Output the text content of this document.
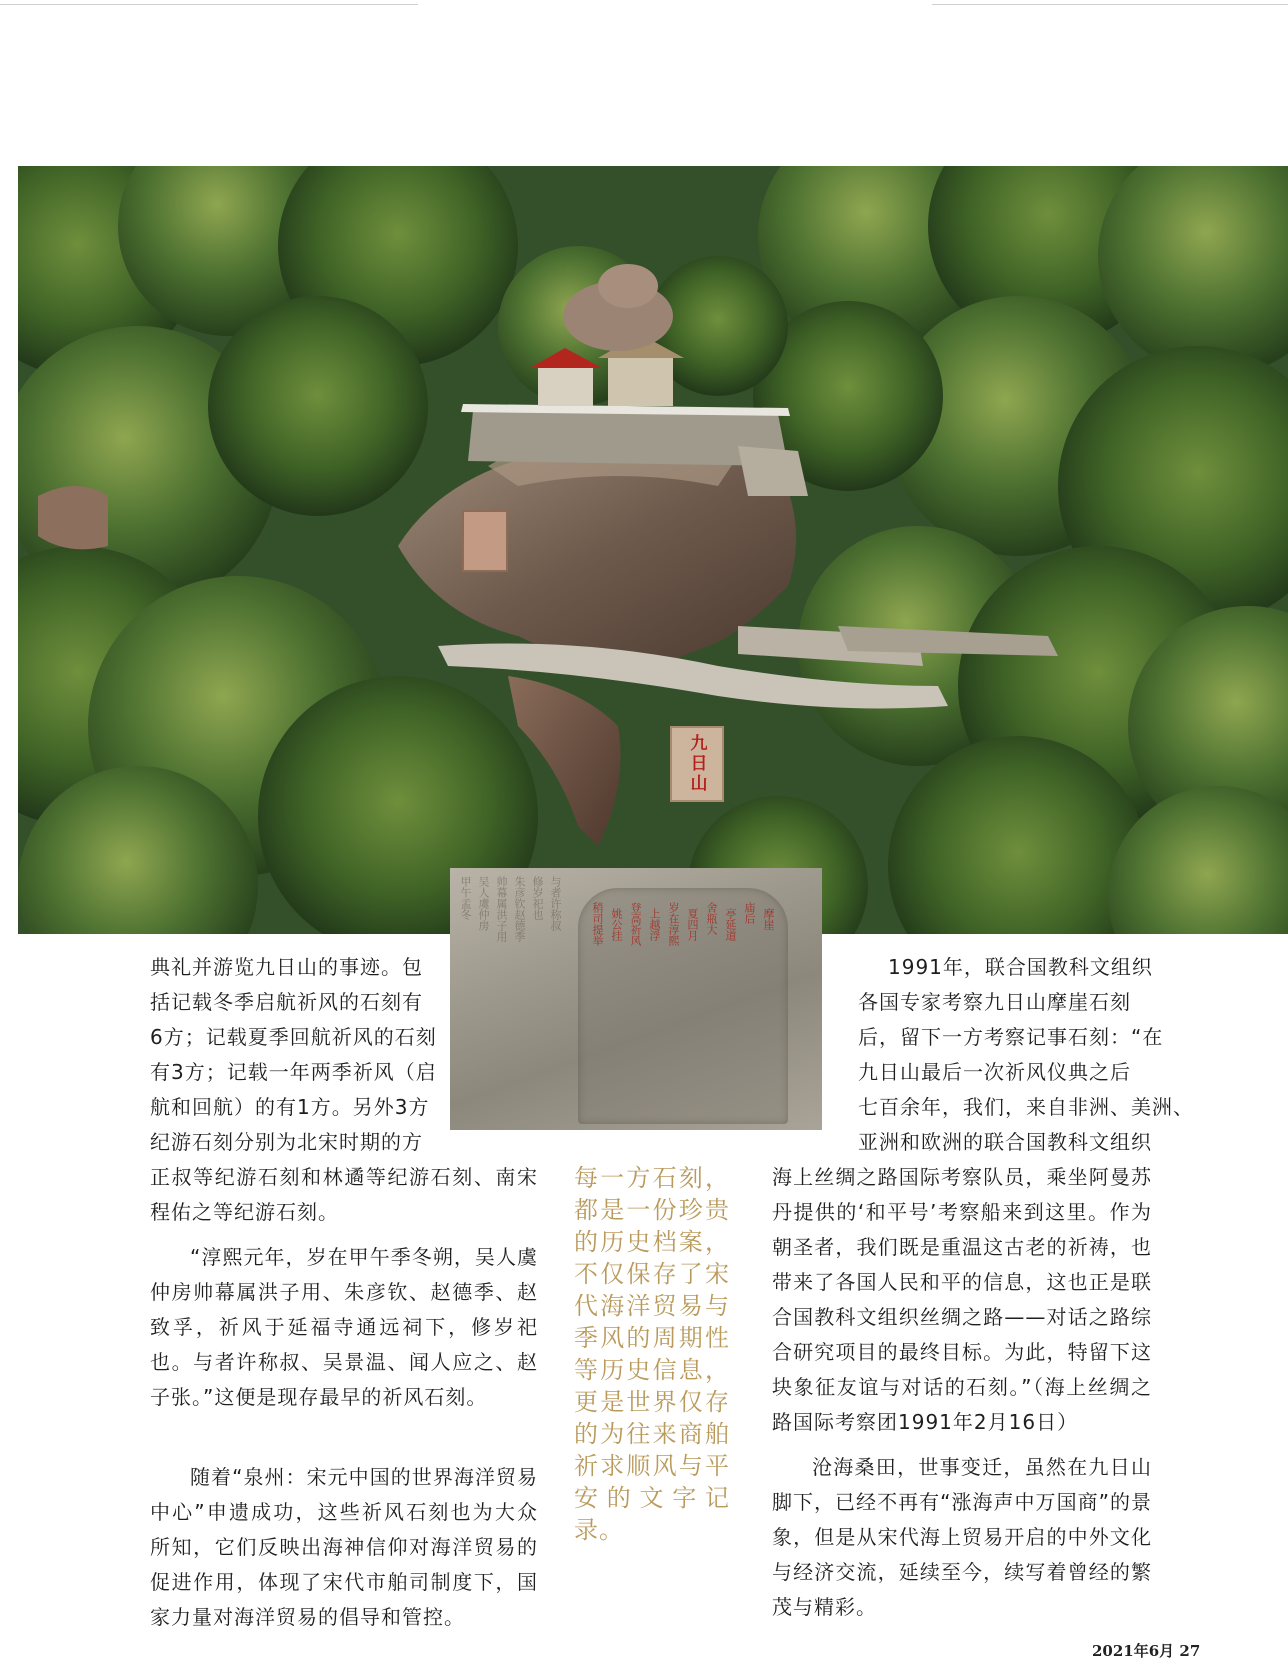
九日山
甲午孟冬 吴人虞仲房 帅幕属洪子用 朱彦钦赵德季 修岁祀也 与者许称叔	稍司提举 姚公挂 登高祈风 上越浮 岁在淳熙 夏四月 舍瓶大 亭延道 庙后 摩崖

典礼并游览九日山的事迹。包

括记载冬季启航祈风的石刻有

6方；记载夏季回航祈风的石刻

有3方；记载一年两季祈风（启

航和回航）的有1方。另外3方

纪游石刻分别为北宋时期的方

正叔等纪游石刻和林遹等纪游石刻、南宋程佑之等纪游石刻。

“淳熙元年，岁在甲午季冬朔，吴人虞仲房帅幕属洪子用、朱彦钦、赵德季、赵致孚，祈风于延福寺通远祠下，修岁祀也。与者许称叔、吴景温、闻人应之、赵子张。”这便是现存最早的祈风石刻。

随着“泉州：宋元中国的世界海洋贸易中心”申遗成功，这些祈风石刻也为大众所知，它们反映出海神信仰对海洋贸易的促进作用，体现了宋代市舶司制度下，国家力量对海洋贸易的倡导和管控。

每一方石刻，都是一份珍贵的历史档案，不仅保存了宋代海洋贸易与季风的周期性等历史信息，更是世界仅存的为往来商舶祈求顺风与平安的文字记录。

1991年，联合国教科文组织

各国专家考察九日山摩崖石刻

后，留下一方考察记事石刻：“在

九日山最后一次祈风仪典之后

七百余年，我们，来自非洲、美洲、

亚洲和欧洲的联合国教科文组织

海上丝绸之路国际考察队员，乘坐阿曼苏丹提供的‘和平号’考察船来到这里。作为朝圣者，我们既是重温这古老的祈祷，也带来了各国人民和平的信息，这也正是联合国教科文组织丝绸之路——对话之路综合研究项目的最终目标。为此，特留下这块象征友谊与对话的石刻。”（海上丝绸之路国际考察团1991年2月16日）

沧海桑田，世事变迁，虽然在九日山脚下，已经不再有“涨海声中万国商”的景象，但是从宋代海上贸易开启的中外文化与经济交流，延续至今，续写着曾经的繁茂与精彩。

2021年6月 27
